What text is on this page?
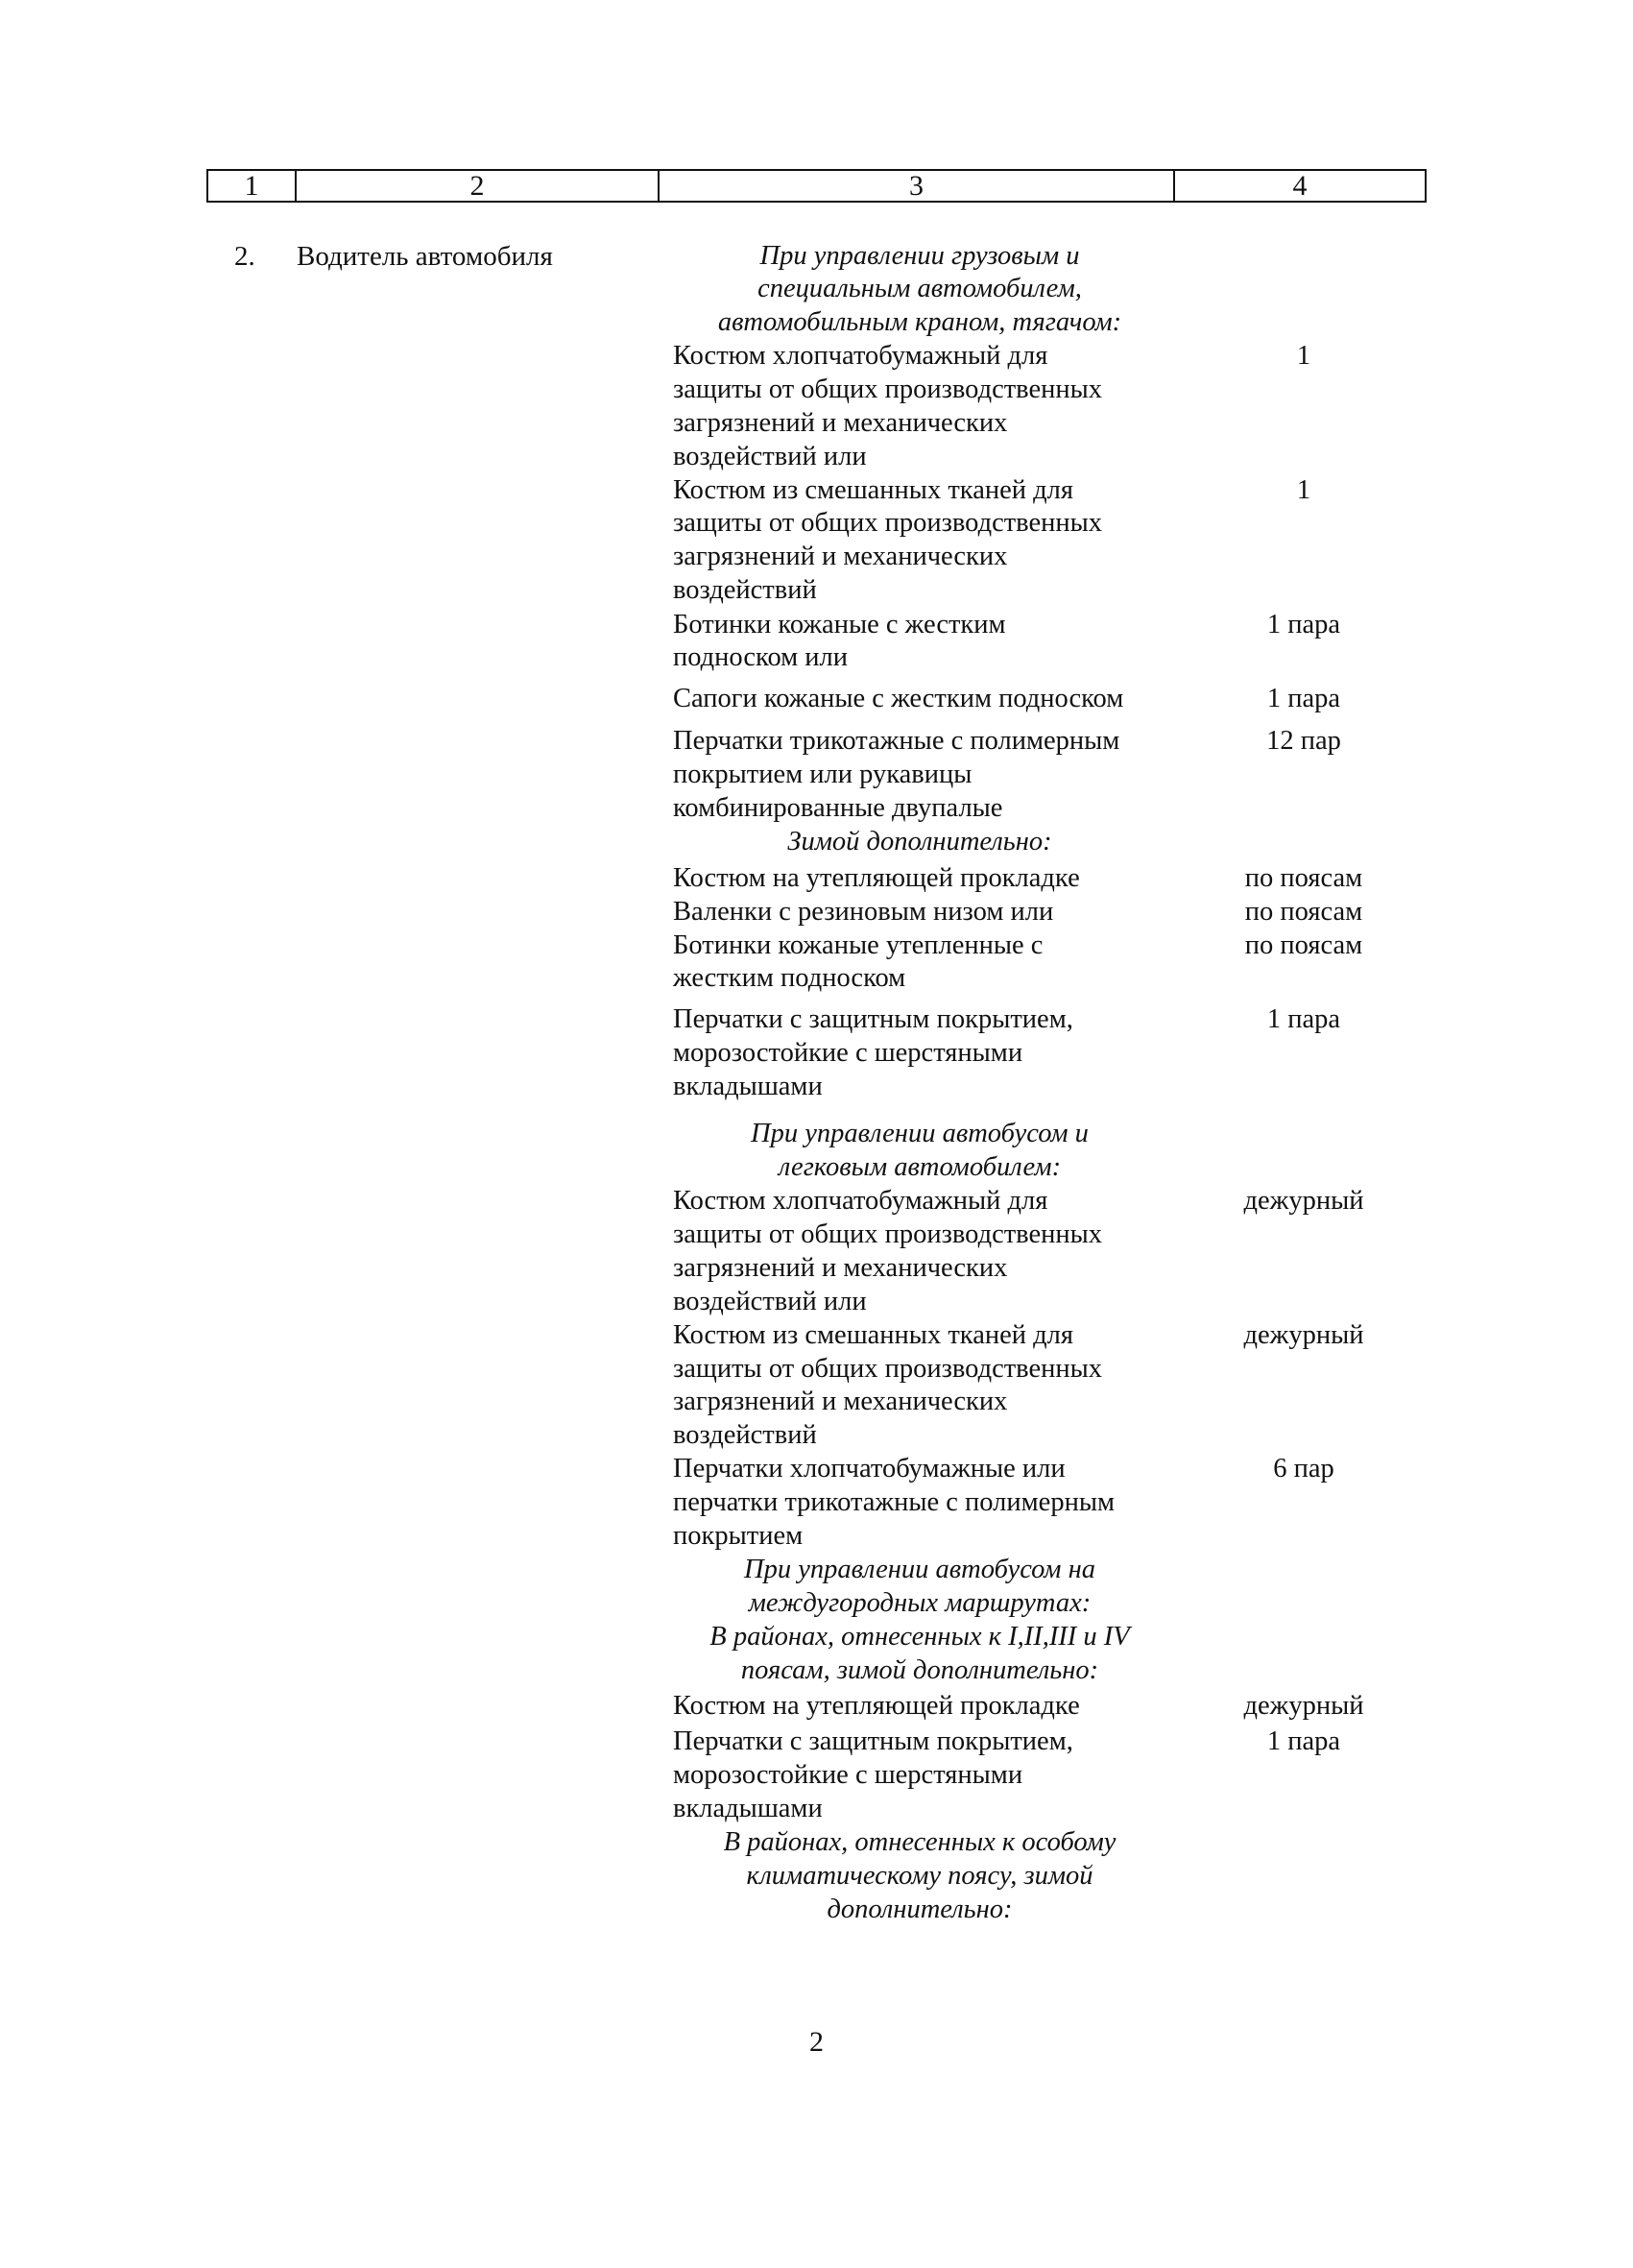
1	2	3	4
2. Водитель автомобиля	При управлении грузовым и
специальным автомобилем,
автомобильным краном, тягачом:
Костюм хлопчатобумажный для	1
защиты от общих производственных
загрязнений и механических
воздействий или
Костюм из смешанных тканей для	1
защиты от общих производственных
загрязнений и механических
воздействий
Ботинки кожаные с жестким	1 пара
подноском или
Сапоги кожаные с жестким подноском	1 пара
Перчатки трикотажные с полимерным	12 пар
покрытием или рукавицы
комбинированные двупалые
Зимой дополнительно:
Костюм на утепляющей прокладке	по поясам
Валенки с резиновым низом или	по поясам
Ботинки кожаные утепленные с	по поясам
жестким подноском
Перчатки с защитным покрытием,	1 пара
морозостойкие с шерстяными
вкладышами
При управлении автобусом и
легковым автомобилем:
Костюм хлопчатобумажный для	дежурный
защиты от общих производственных
загрязнений и механических
воздействий или
Костюм из смешанных тканей для	дежурный
защиты от общих производственных
загрязнений и механических
воздействий
Перчатки хлопчатобумажные или	6 пар
перчатки трикотажные с полимерным
покрытием
При управлении автобусом на
междугородных маршрутах:
В районах, отнесенных к I,II,III и IV
поясам, зимой дополнительно:
Костюм на утепляющей прокладке	дежурный
Перчатки с защитным покрытием,	1 пара
морозостойкие с шерстяными
вкладышами
В районах, отнесенных к особому
климатическому поясу, зимой
дополнительно:
2
